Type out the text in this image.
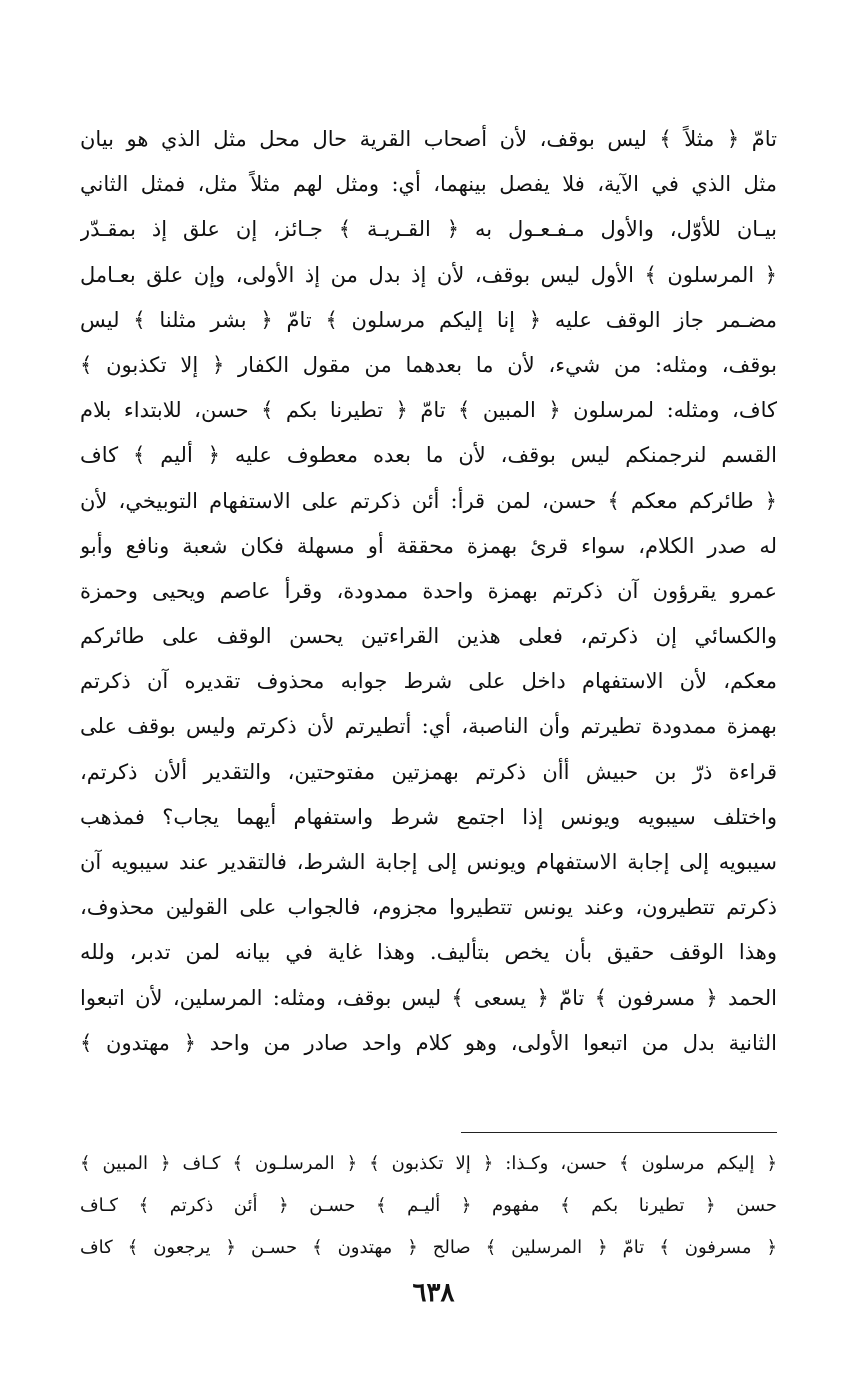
تامّ ﴿ مثلاً ﴾ ليس بوقف، لأن أصحاب القرية حال محل مثل الذي هو بيان
مثل الذي في الآية، فلا يفصل بينهما، أي: ومثل لهم مثلاً مثل، فمثل الثاني
بيـان للأوّل، والأول مـفـعـول به ﴿ القـريـة ﴾ جـائز، إن علق إذ بمقـدّر
﴿ المرسلون ﴾ الأول ليس بوقف، لأن إذ بدل من إذ الأولى، وإن علق بعـامل
مضـمر جاز الوقف عليه ﴿ إنا إليكم مرسلون ﴾ تامّ ﴿ بشر مثلنا ﴾ ليس
بوقف، ومثله: من شيء، لأن ما بعدهما من مقول الكفار ﴿ إلا تكذبون ﴾
كاف، ومثله: لمرسلون ﴿ المبين ﴾ تامّ ﴿ تطيرنا بكم ﴾ حسن، للابتداء بلام
القسم لنرجمنكم ليس بوقف، لأن ما بعده معطوف عليه ﴿ أليم ﴾ كاف
﴿ طائركم معكم ﴾ حسن، لمن قرأ: أئن ذكرتم على الاستفهام التوبيخي، لأن
له صدر الكلام، سواء قرئ بهمزة محققة أو مسهلة فكان شعبة ونافع وأبو
عمرو يقرؤون آن ذكرتم بهمزة واحدة ممدودة، وقرأ عاصم ويحيى وحمزة
والكسائي إن ذكرتم، فعلى هذين القراءتين يحسن الوقف على طائركم
معكم، لأن الاستفهام داخل على شرط جوابه محذوف تقديره آن ذكرتم
بهمزة ممدودة تطيرتم وأن الناصبة، أي: أتطيرتم لأن ذكرتم وليس بوقف على
قراءة ذرّ بن حبيش أأن ذكرتم بهمزتين مفتوحتين، والتقدير ألأن ذكرتم،
واختلف سيبويه ويونس إذا اجتمع شرط واستفهام أيهما يجاب؟ فمذهب
سيبويه إلى إجابة الاستفهام ويونس إلى إجابة الشرط، فالتقدير عند سيبويه آن
ذكرتم تتطيرون، وعند يونس تتطيروا مجزوم، فالجواب على القولين محذوف،
وهذا الوقف حقيق بأن يخص بتأليف. وهذا غاية في بيانه لمن تدبر، ولله
الحمد ﴿ مسرفون ﴾ تامّ ﴿ يسعى ﴾ ليس بوقف، ومثله: المرسلين، لأن اتبعوا
الثانية بدل من اتبعوا الأولى، وهو كلام واحد صادر من واحد ﴿ مهتدون ﴾
﴿ إليكم مرسلون ﴾ حسن، وكـذا: ﴿ إلا تكذبون ﴾ ﴿ المرسلـون ﴾ كـاف ﴿ المبين ﴾
حسن ﴿ تطيرنا بكم ﴾ مفهوم ﴿ أليـم ﴾ حسـن ﴿ أئن ذكرتم ﴾ كـاف
﴿ مسرفون ﴾ تامّ ﴿ المرسلين ﴾ صالح ﴿ مهتدون ﴾ حسـن ﴿ يرجعون ﴾ كاف
٦٣٨
